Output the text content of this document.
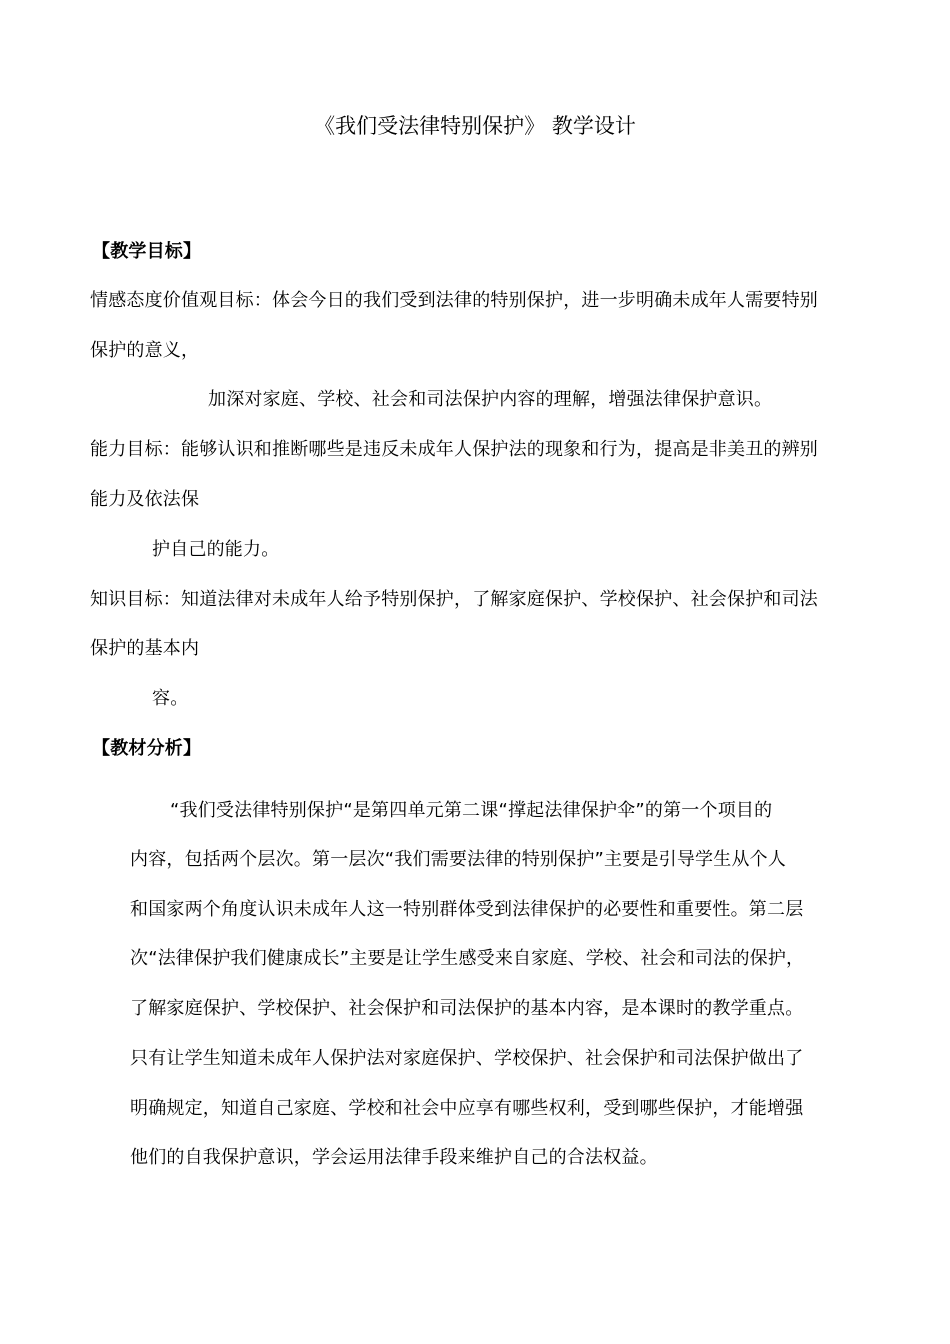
《我们受法律特别保护》 教学设计
【教学目标】
情感态度价值观目标：体会今日的我们受到法律的特别保护，进一步明确未成年人需要特别
保护的意义，
加深对家庭、学校、社会和司法保护内容的理解，增强法律保护意识。
能力目标：能够认识和推断哪些是违反未成年人保护法的现象和行为，提高是非美丑的辨别
能力及依法保
护自己的能力。
知识目标：知道法律对未成年人给予特别保护，了解家庭保护、学校保护、社会保护和司法
保护的基本内
容。
【教材分析】
“我们受法律特别保护“是第四单元第二课“撑起法律保护伞”的第一个项目的
内容，包括两个层次。第一层次“我们需要法律的特别保护”主要是引导学生从个人
和国家两个角度认识未成年人这一特别群体受到法律保护的必要性和重要性。第二层
次“法律保护我们健康成长”主要是让学生感受来自家庭、学校、社会和司法的保护，
了解家庭保护、学校保护、社会保护和司法保护的基本内容，是本课时的教学重点。
只有让学生知道未成年人保护法对家庭保护、学校保护、社会保护和司法保护做出了
明确规定，知道自己家庭、学校和社会中应享有哪些权利，受到哪些保护，才能增强
他们的自我保护意识，学会运用法律手段来维护自己的合法权益。
